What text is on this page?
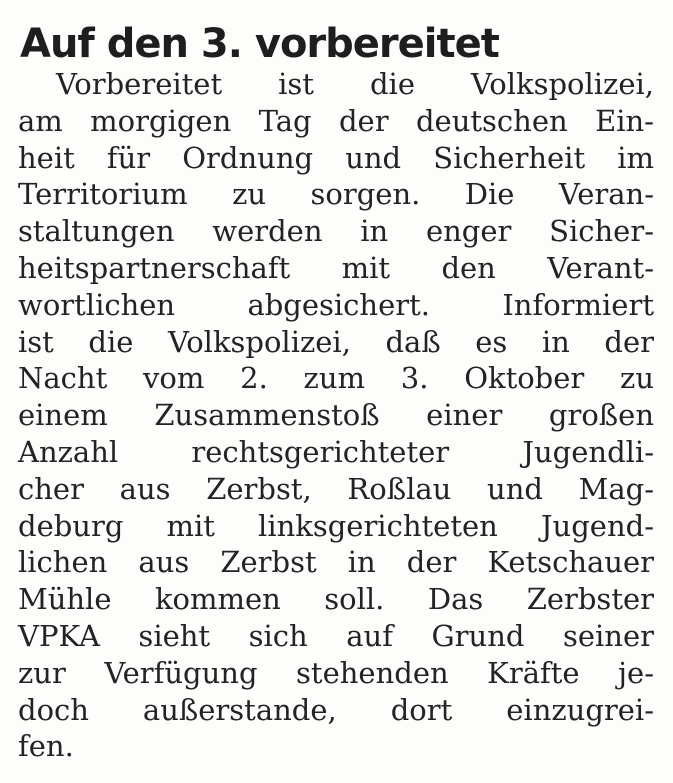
Auf den 3. vorbereitet
Vorbereitet ist die Volkspolizei,
am morgigen Tag der deutschen Ein-
heit für Ordnung und Sicherheit im
Territorium zu sorgen. Die Veran-
staltungen werden in enger Sicher-
heitspartnerschaft mit den Verant-
wortlichen abgesichert. Informiert
ist die Volkspolizei, daß es in der
Nacht vom 2. zum 3. Oktober zu
einem Zusammenstoß einer großen
Anzahl rechtsgerichteter Jugendli-
cher aus Zerbst, Roßlau und Mag-
deburg mit linksgerichteten Jugend-
lichen aus Zerbst in der Ketschauer
Mühle kommen soll. Das Zerbster
VPKA sieht sich auf Grund seiner
zur Verfügung stehenden Kräfte je-
doch außerstande, dort einzugrei-
fen.
